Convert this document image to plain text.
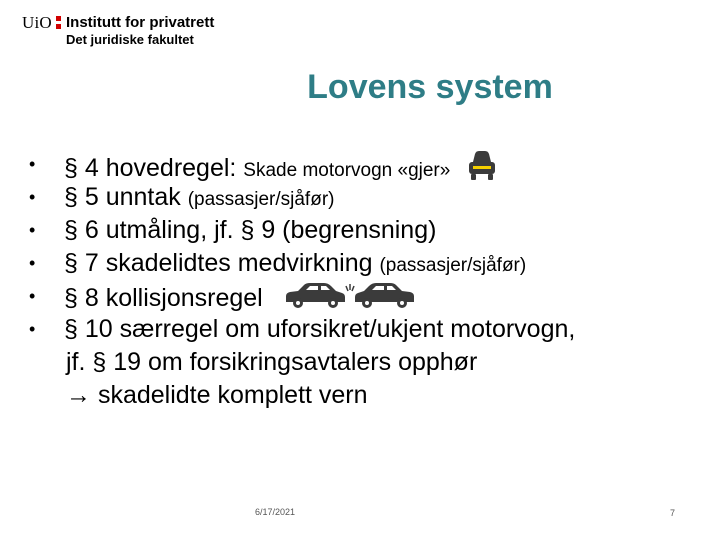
UiO Institutt for privatrett
Det juridiske fakultet
Lovens system
• § 4 hovedregel: Skade motorvogn «gjer»
• § 5 unntak (passasjer/sjåfør)
• § 6 utmåling, jf. § 9 (begrensning)
• § 7 skadelidtes medvirkning (passasjer/sjåfør)
• § 8 kollisjonsregel
• § 10 særregel om uforsikret/ukjent motorvogn,
jf. § 19 om forsikringsavtalers opphør
→ skadelidte komplett vern
6/17/2021	7
